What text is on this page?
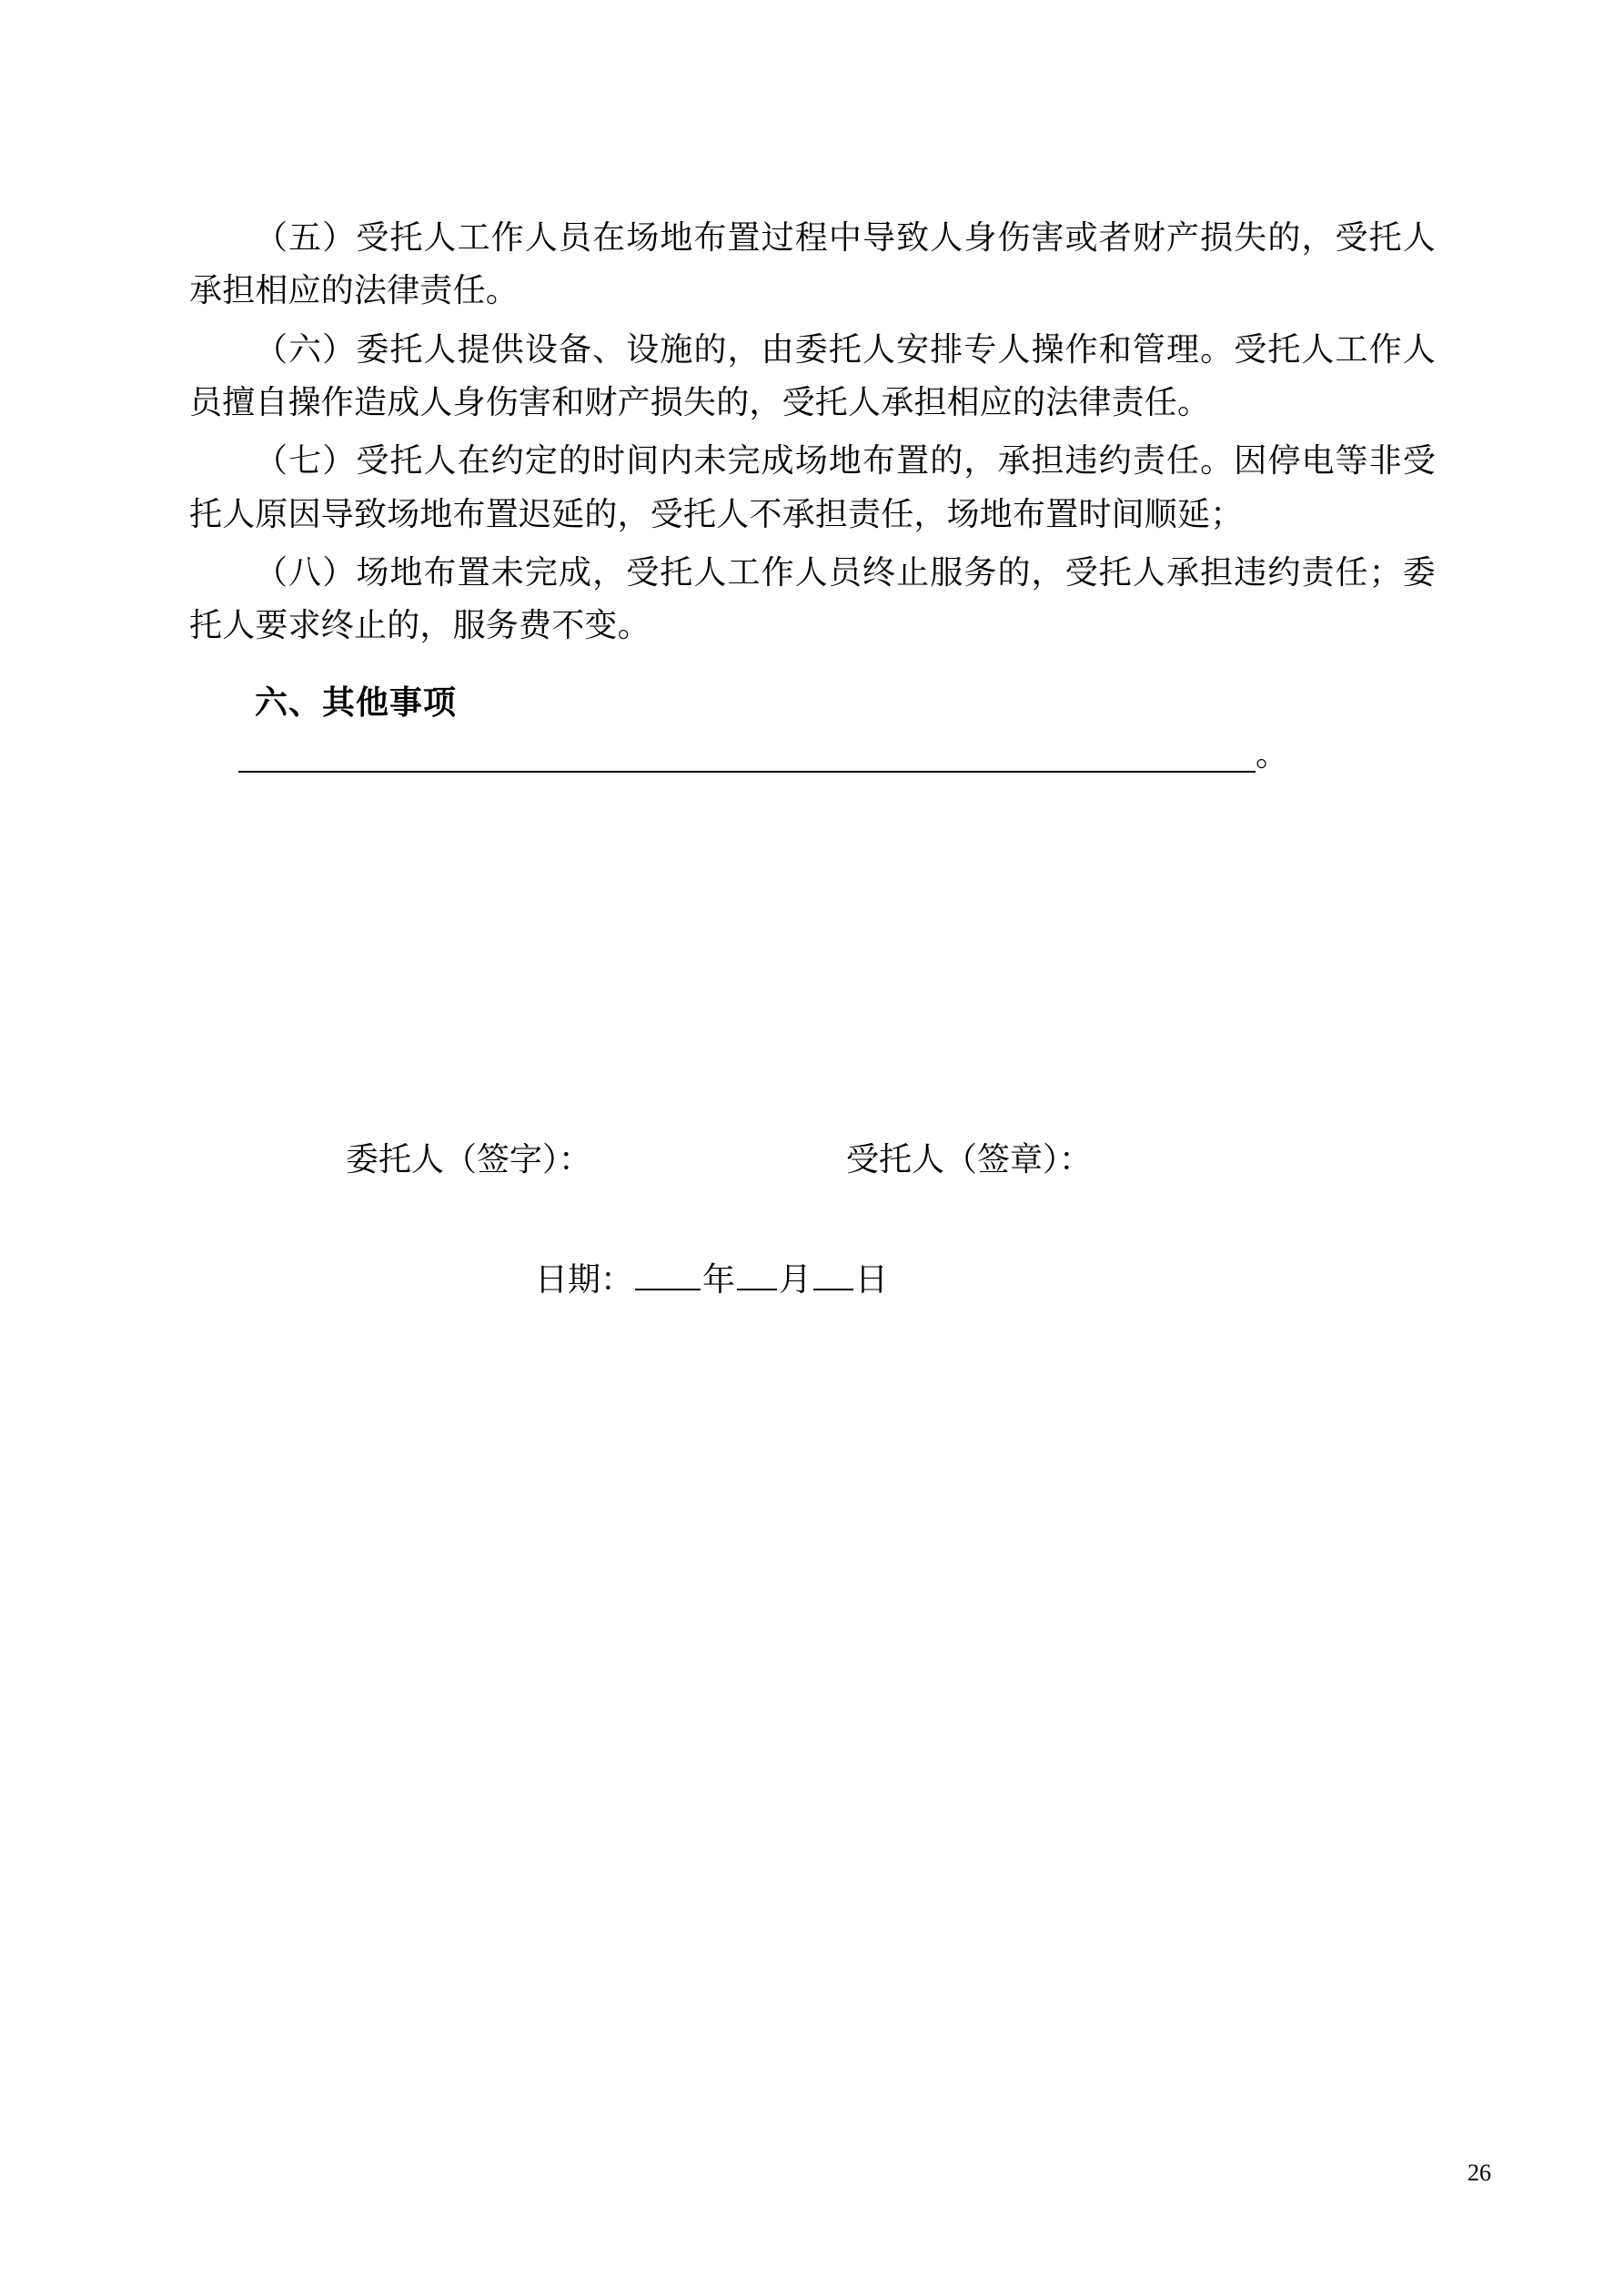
（五）受托人工作人员在场地布置过程中导致人身伤害或者财产损失的，受托人承担相应的法律责任。

（六）委托人提供设备、设施的，由委托人安排专人操作和管理。受托人工作人员擅自操作造成人身伤害和财产损失的，受托人承担相应的法律责任。

（七）受托人在约定的时间内未完成场地布置的，承担违约责任。因停电等非受托人原因导致场地布置迟延的，受托人不承担责任，场地布置时间顺延；

（八）场地布置未完成，受托人工作人员终止服务的，受托人承担违约责任；委托人要求终止的，服务费不变。

六、其他事项
。
委托人（签字）：	受托人（签章）：
日期： 年 月 日
26
